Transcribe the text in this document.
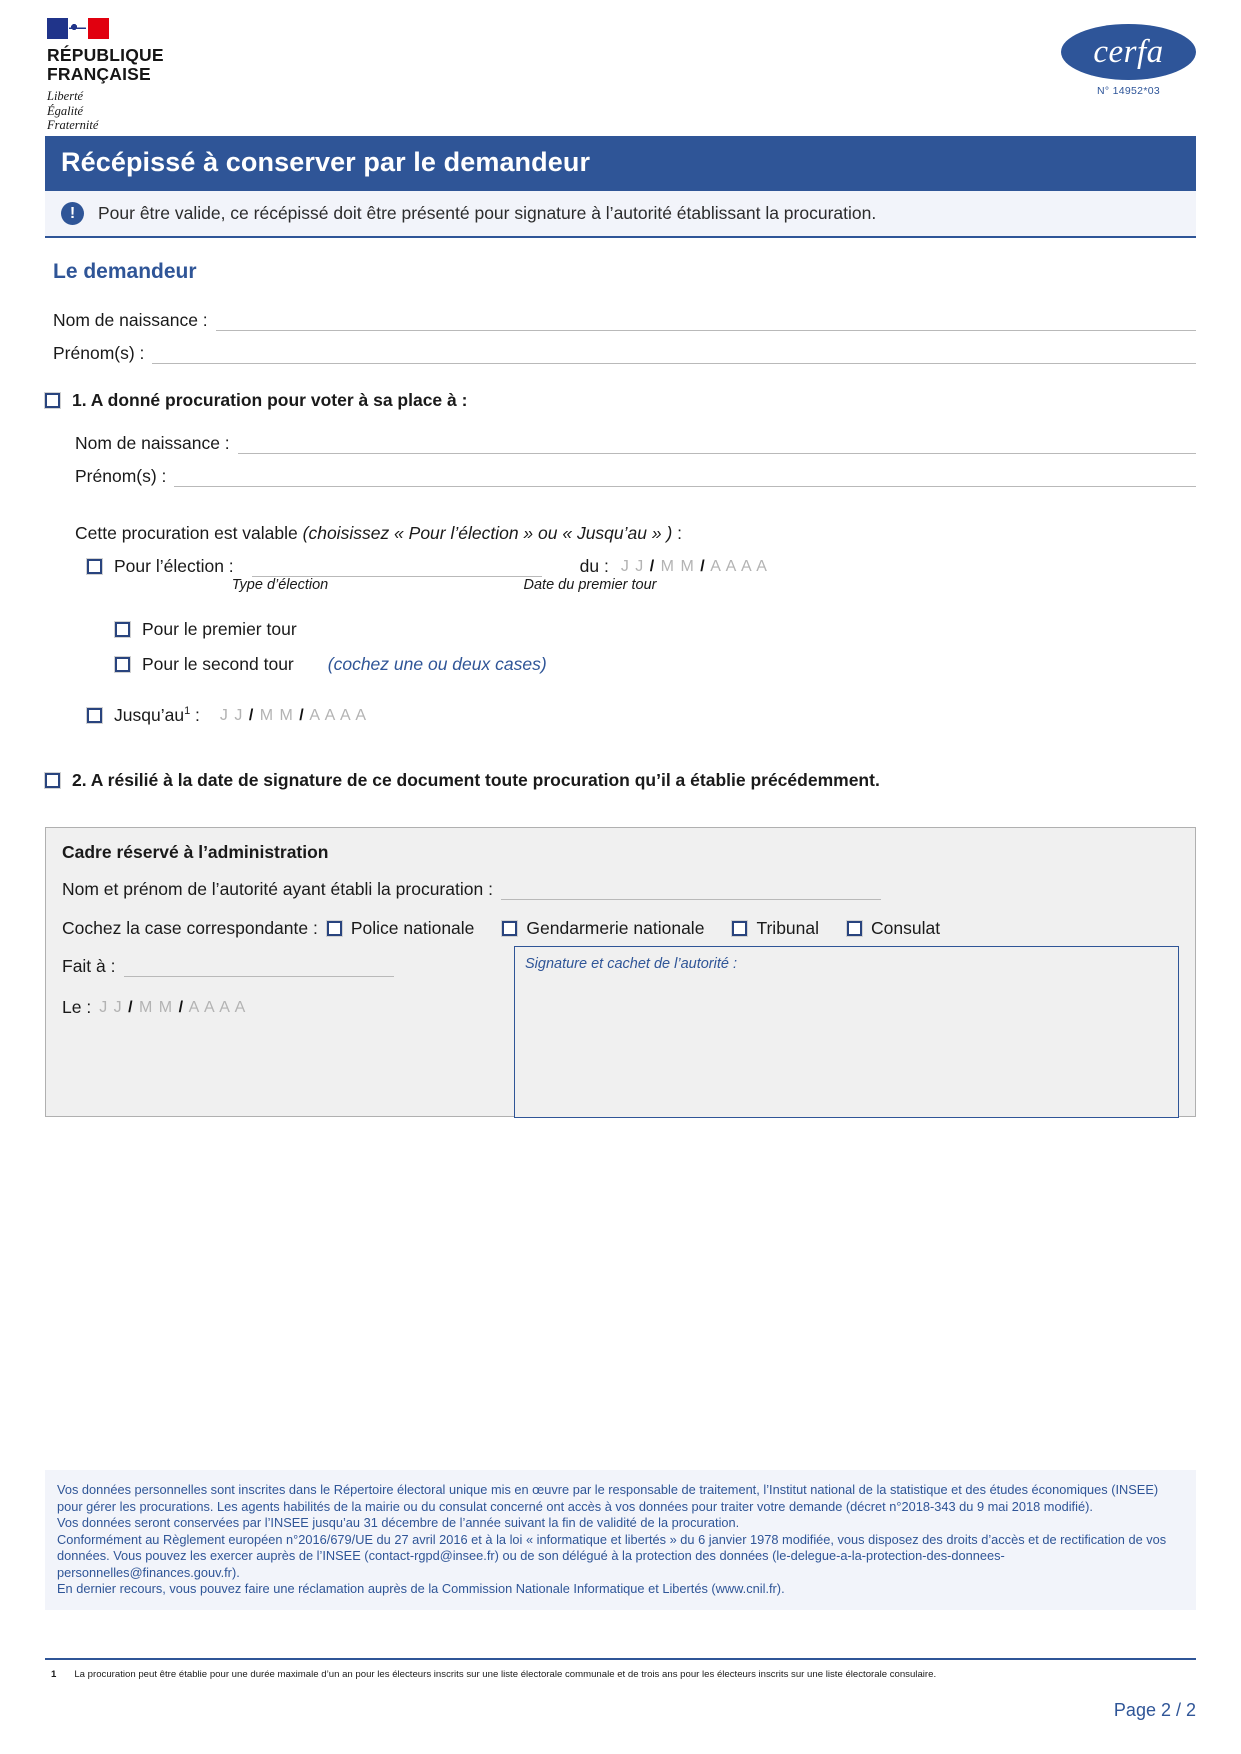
RÉPUBLIQUE
FRANÇAISE
Liberté
Égalité
Fraternité
cerfa
N° 14952*03
Récépissé à conserver par le demandeur
!	Pour être valide, ce récépissé doit être présenté pour signature à l’autorité établissant la procuration.
Le demandeur
Nom de naissance :
Prénom(s) :
1. A donné procuration pour voter à sa place à :
Nom de naissance :
Prénom(s) :
Cette procuration est valable (choisissez « Pour l’élection » ou « Jusqu’au » ) :
Pour l’élection :	du : J J / M M / A A A A
Type d’élection	Date du premier tour
Pour le premier tour
Pour le second tour (cochez une ou deux cases)
$Jusqu’au^1$ : J J / M M / A A A A
2. A résilié à la date de signature de ce document toute procuration qu’il a établie précédemment.
Cadre réservé à l’administration
Nom et prénom de l’autorité ayant établi la procuration :
Cochez la case correspondante : Police nationale	Gendarmerie nationale	Tribunal	Consulat
Fait à :
Le : J J / M M / A A A A
Signature et cachet de l’autorité :

Vos données personnelles sont inscrites dans le Répertoire électoral unique mis en œuvre par le responsable de traitement, l’Institut national de la statistique et des études économiques (INSEE) pour gérer les procurations. Les agents habilités de la mairie ou du consulat concerné ont accès à vos données pour traiter votre demande (décret n°2018-343 du 9 mai 2018 modifié).

Vos données seront conservées par l’INSEE jusqu’au 31 décembre de l’année suivant la fin de validité de la procuration.

Conformément au Règlement européen n°2016/679/UE du 27 avril 2016 et à la loi « informatique et libertés » du 6 janvier 1978 modifiée, vous disposez des droits d’accès et de rectification de vos données. Vous pouvez les exercer auprès de l’INSEE (contact-rgpd@insee.fr) ou de son délégué à la protection des données (le-delegue-a-la-protection-des-donnees-personnelles@finances.gouv.fr).

En dernier recours, vous pouvez faire une réclamation auprès de la Commission Nationale Informatique et Libertés (www.cnil.fr).

1 La procuration peut être établie pour une durée maximale d’un an pour les électeurs inscrits sur une liste électorale communale et de trois ans pour les électeurs inscrits sur une liste électorale consulaire.
Page 2 / 2
